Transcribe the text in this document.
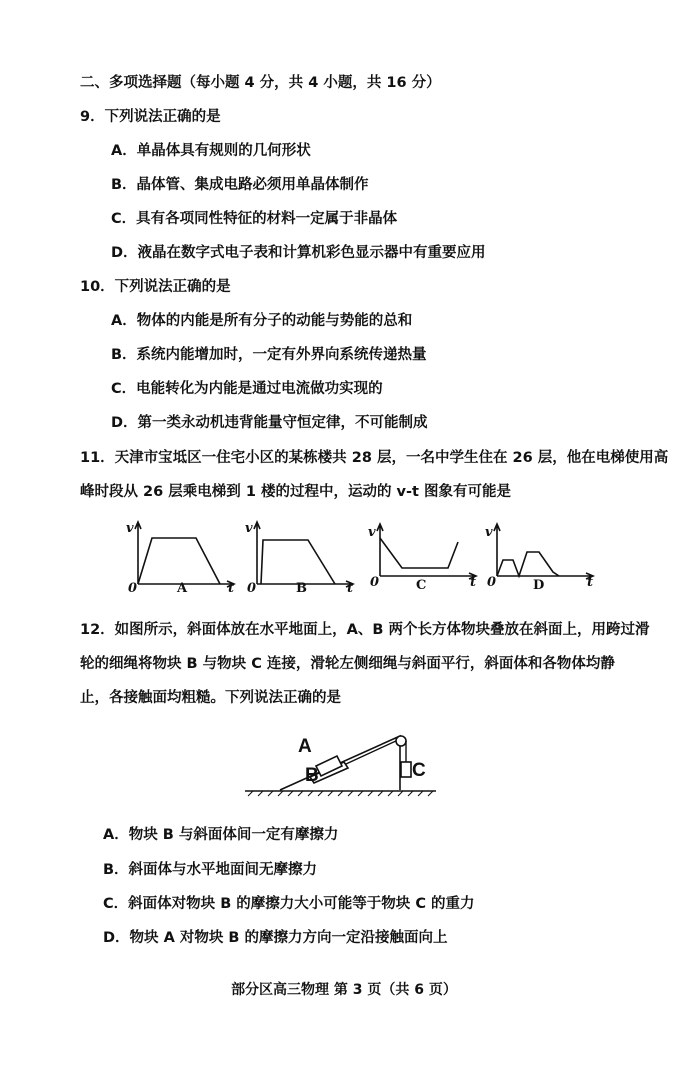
二、多项选择题（每小题 4 分，共 4 小题，共 16 分）
9．下列说法正确的是
A．单晶体具有规则的几何形状
B．晶体管、集成电路必须用单晶体制作
C．具有各项同性特征的材料一定属于非晶体
D．液晶在数字式电子表和计算机彩色显示器中有重要应用
10．下列说法正确的是
A．物体的内能是所有分子的动能与势能的总和
B．系统内能增加时，一定有外界向系统传递热量
C．电能转化为内能是通过电流做功实现的
D．第一类永动机违背能量守恒定律，不可能制成
11．天津市宝坻区一住宅小区的某栋楼共 28 层，一名中学生住在 26 层，他在电梯使用高
峰时段从 26 层乘电梯到 1 楼的过程中，运动的 v-t 图象有可能是
v
0	t
A
v
0	t
B
v
0	t
C
v
0	t
D
12．如图所示，斜面体放在水平地面上，A、B 两个长方体物块叠放在斜面上，用跨过滑
轮的细绳将物块 B 与物块 C 连接，滑轮左侧细绳与斜面平行，斜面体和各物体均静
止，各接触面均粗糙。下列说法正确的是
A
B	C
A．物块 B 与斜面体间一定有摩擦力
B．斜面体与水平地面间无摩擦力
C．斜面体对物块 B 的摩擦力大小可能等于物块 C 的重力
D．物块 A 对物块 B 的摩擦力方向一定沿接触面向上
部分区高三物理 第 3 页（共 6 页）
